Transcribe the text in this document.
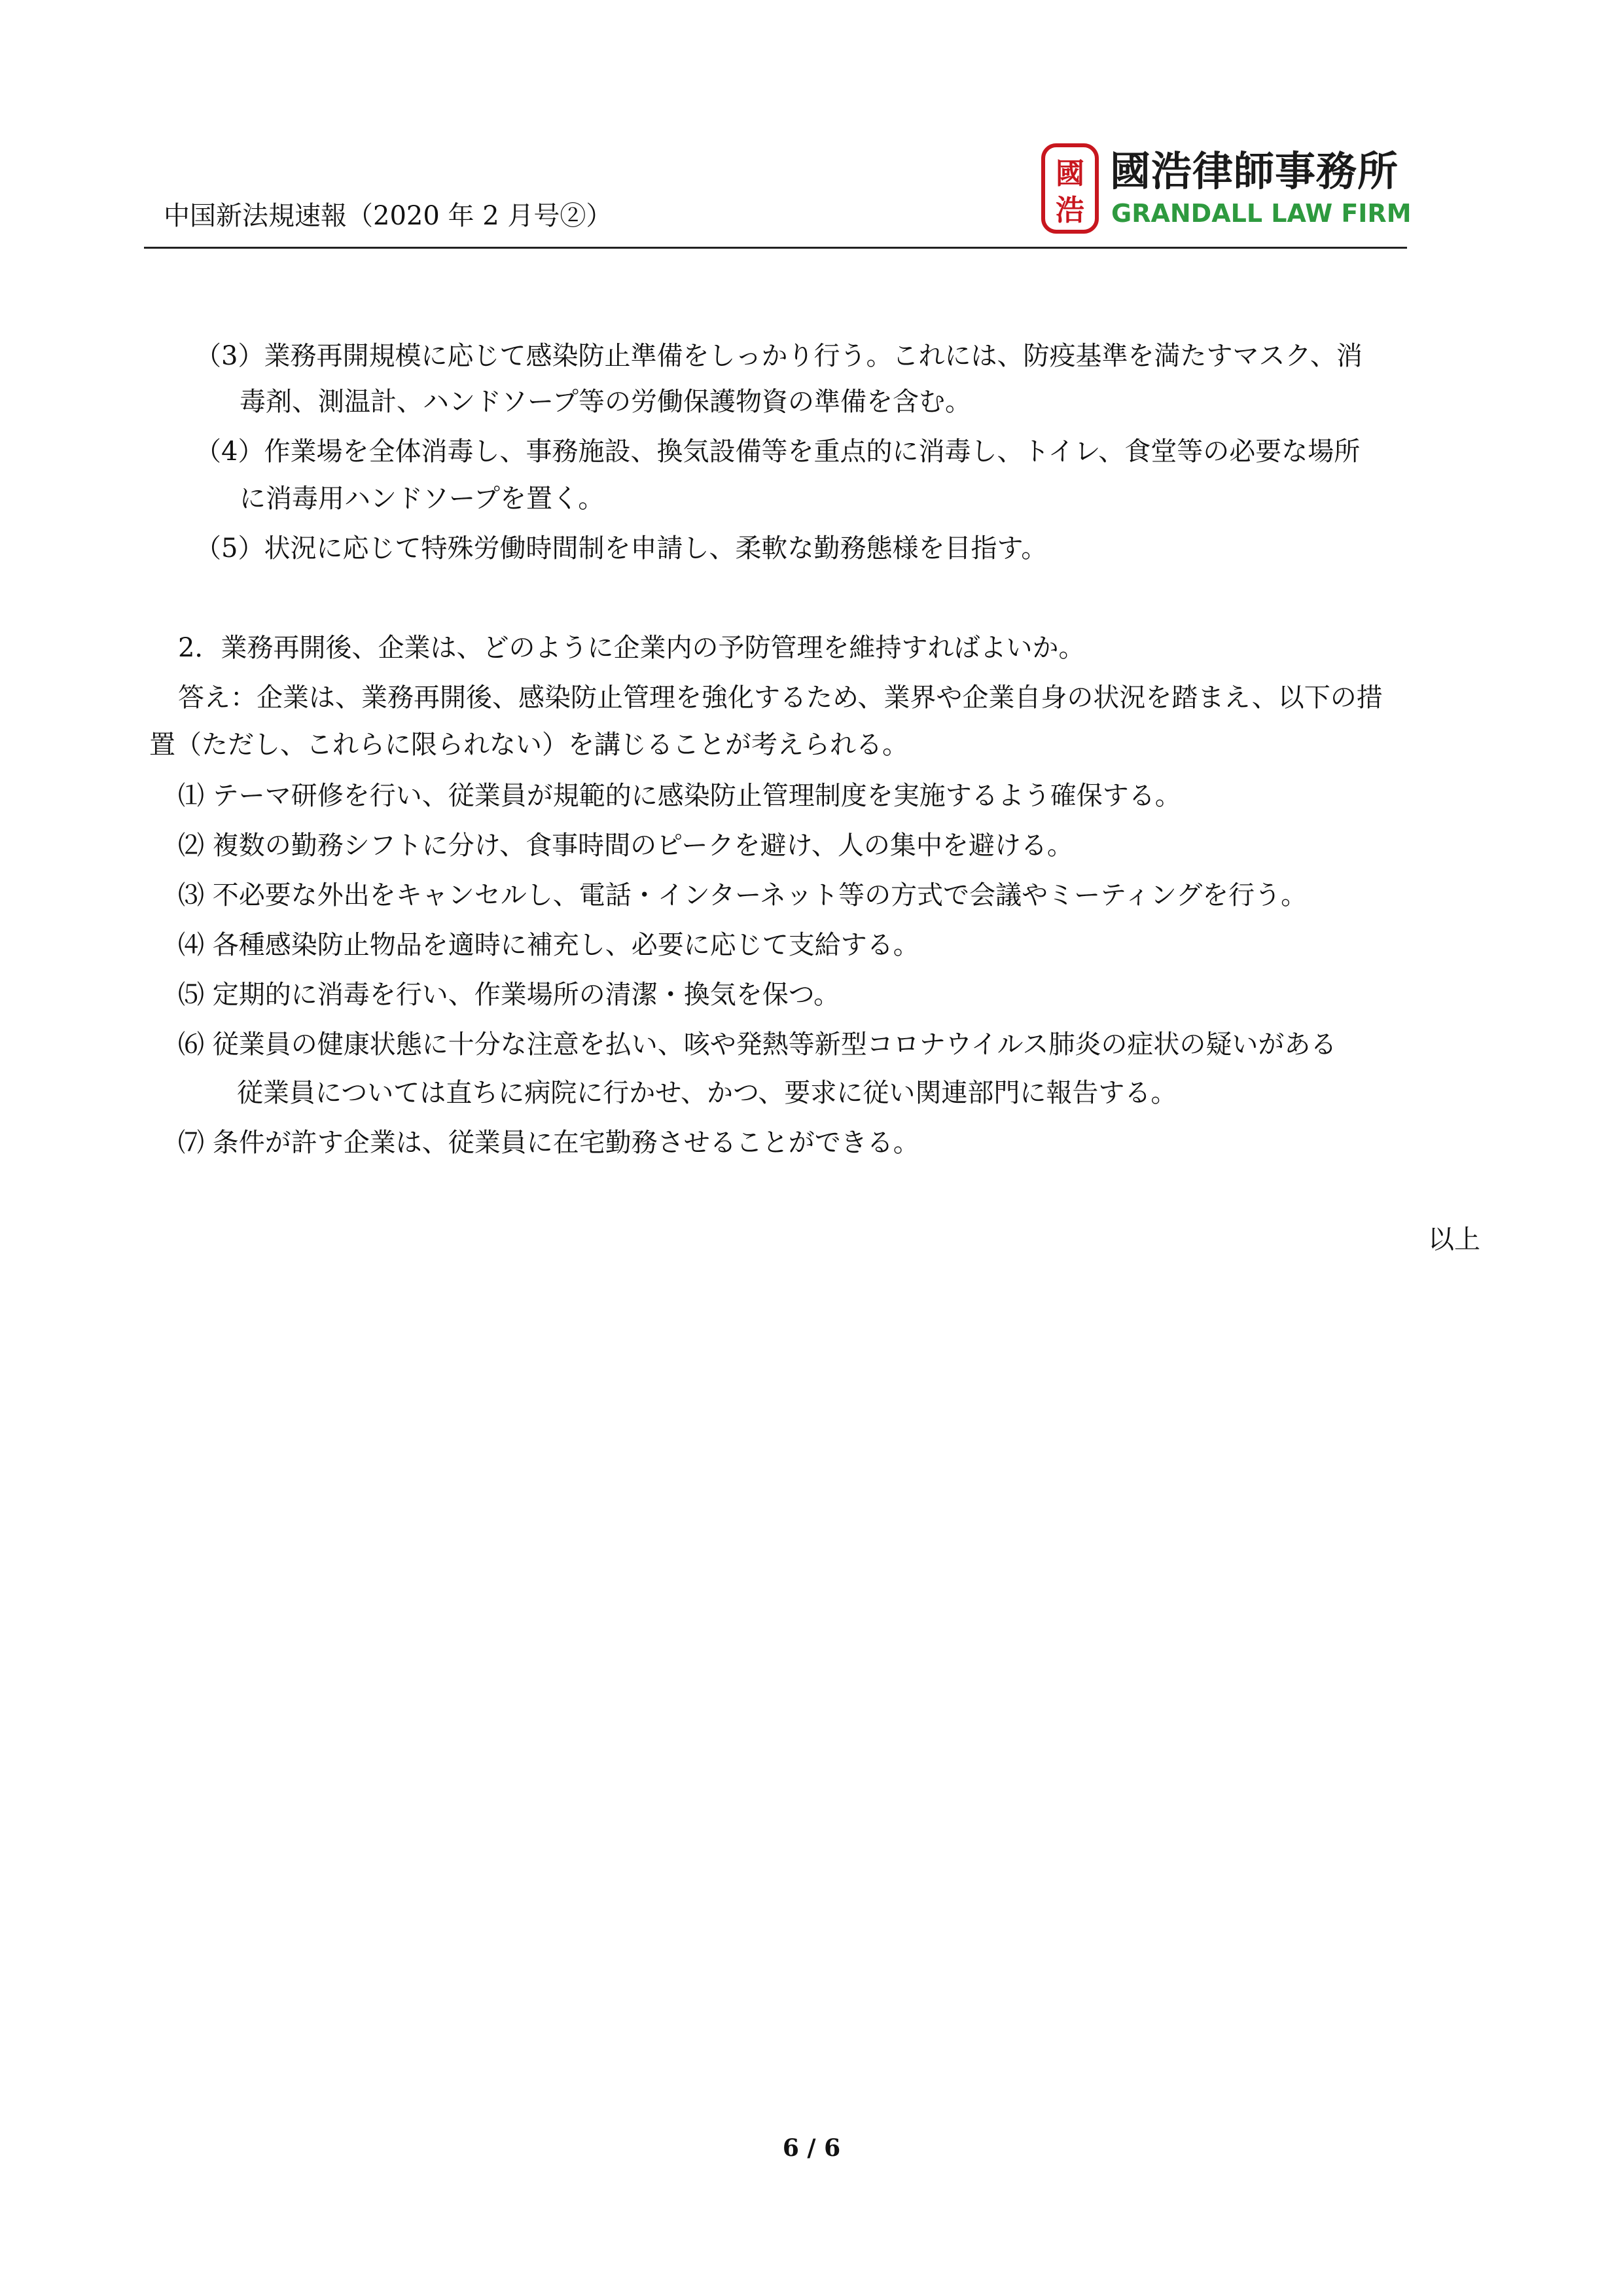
中国新法規速報（2020 年 2 月号②）
國
浩
國浩律師事務所
GRANDALL LAW FIRM
（3）業務再開規模に応じて感染防止準備をしっかり行う。これには、防疫基準を満たすマスク、消
毒剤、測温計、ハンドソープ等の労働保護物資の準備を含む。
（4）作業場を全体消毒し、事務施設、換気設備等を重点的に消毒し、トイレ、食堂等の必要な場所
に消毒用ハンドソープを置く。
（5）状況に応じて特殊労働時間制を申請し、柔軟な勤務態様を目指す。
2．業務再開後、企業は、どのように企業内の予防管理を維持すればよいか。
答え：企業は、業務再開後、感染防止管理を強化するため、業界や企業自身の状況を踏まえ、以下の措
置（ただし、これらに限られない）を講じることが考えられる。
⑴ テーマ研修を行い、従業員が規範的に感染防止管理制度を実施するよう確保する。
⑵ 複数の勤務シフトに分け、食事時間のピークを避け、人の集中を避ける。
⑶ 不必要な外出をキャンセルし、電話・インターネット等の方式で会議やミーティングを行う。
⑷ 各種感染防止物品を適時に補充し、必要に応じて支給する。
⑸ 定期的に消毒を行い、作業場所の清潔・換気を保つ。
⑹ 従業員の健康状態に十分な注意を払い、咳や発熱等新型コロナウイルス肺炎の症状の疑いがある
従業員については直ちに病院に行かせ、かつ、要求に従い関連部門に報告する。
⑺ 条件が許す企業は、従業員に在宅勤務させることができる。
以上
6 / 6
